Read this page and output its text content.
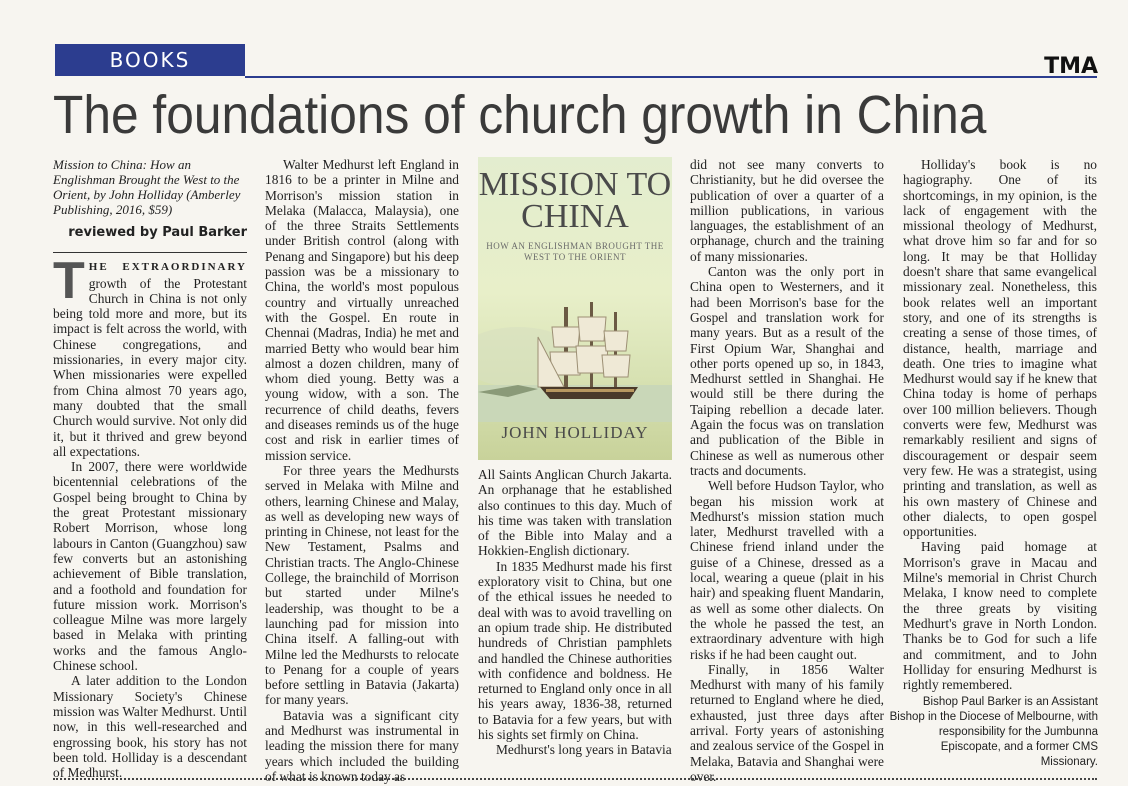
BOOKS	TMA
The foundations of church growth in China

Mission to China: How an Englishman Brought the West to the Orient, by John Holliday (Amberley Publishing, 2016, $59)

reviewed by Paul Barker

THE EXTRAORDINARY growth of the Protestant Church in China is not only being told more and more, but its impact is felt across the world, with Chinese congregations, and missionaries, in every major city. When missionaries were expelled from China almost 70 years ago, many doubted that the small Church would survive. Not only did it, but it thrived and grew beyond all expectations.

In 2007, there were worldwide bicentennial celebrations of the Gospel being brought to China by the great Protestant missionary Robert Morrison, whose long labours in Canton (Guangzhou) saw few converts but an astonishing achievement of Bible translation, and a foothold and foundation for future mission work. Morrison's colleague Milne was more largely based in Melaka with printing works and the famous Anglo-Chinese school.

A later addition to the London Missionary Society's Chinese mission was Walter Medhurst. Until now, in this well-researched and engrossing book, his story has not been told. Holliday is a descendant of Medhurst.

Walter Medhurst left England in 1816 to be a printer in Milne and Morrison's mission station in Melaka (Malacca, Malaysia), one of the three Straits Settlements under British control (along with Penang and Singapore) but his deep passion was be a missionary to China, the world's most populous country and virtually unreached with the Gospel. En route in Chennai (Madras, India) he met and married Betty who would bear him almost a dozen children, many of whom died young. Betty was a young widow, with a son. The recurrence of child deaths, fevers and diseases reminds us of the huge cost and risk in earlier times of mission service.

For three years the Medhursts served in Melaka with Milne and others, learning Chinese and Malay, as well as developing new ways of printing in Chinese, not least for the New Testament, Psalms and Christian tracts. The Anglo-Chinese College, the brainchild of Morrison but started under Milne's leadership, was thought to be a launching pad for mission into China itself. A falling-out with Milne led the Medhursts to relocate to Penang for a couple of years before settling in Batavia (Jakarta) for many years.

Batavia was a significant city and Medhurst was instrumental in leading the mission there for many years which included the building of what is known today as

MISSION TO CHINA
HOW AN ENGLISHMAN BROUGHT THE WEST TO THE ORIENT
JOHN HOLLIDAY

All Saints Anglican Church Jakarta. An orphanage that he established also continues to this day. Much of his time was taken with translation of the Bible into Malay and a Hokkien-English dictionary.

In 1835 Medhurst made his first exploratory visit to China, but one of the ethical issues he needed to deal with was to avoid travelling on an opium trade ship. He distributed hundreds of Christian pamphlets and handled the Chinese authorities with confidence and boldness. He returned to England only once in all his years away, 1836-38, returned to Batavia for a few years, but with his sights set firmly on China.

Medhurst's long years in Batavia

did not see many converts to Christianity, but he did oversee the publication of over a quarter of a million publications, in various languages, the establishment of an orphanage, church and the training of many missionaries.

Canton was the only port in China open to Westerners, and it had been Morrison's base for the Gospel and translation work for many years. But as a result of the First Opium War, Shanghai and other ports opened up so, in 1843, Medhurst settled in Shanghai. He would still be there during the Taiping rebellion a decade later. Again the focus was on translation and publication of the Bible in Chinese as well as numerous other tracts and documents.

Well before Hudson Taylor, who began his mission work at Medhurst's mission station much later, Medhurst travelled with a Chinese friend inland under the guise of a Chinese, dressed as a local, wearing a queue (plait in his hair) and speaking fluent Mandarin, as well as some other dialects. On the whole he passed the test, an extraordinary adventure with high risks if he had been caught out.

Finally, in 1856 Walter Medhurst with many of his family returned to England where he died, exhausted, just three days after arrival. Forty years of astonishing and zealous service of the Gospel in Melaka, Batavia and Shanghai were over.

Holliday's book is no hagiography. One of its shortcomings, in my opinion, is the lack of engagement with the missional theology of Medhurst, what drove him so far and for so long. It may be that Holliday doesn't share that same evangelical missionary zeal. Nonetheless, this book relates well an important story, and one of its strengths is creating a sense of those times, of distance, health, marriage and death. One tries to imagine what Medhurst would say if he knew that China today is home of perhaps over 100 million believers. Though converts were few, Medhurst was remarkably resilient and signs of discouragement or despair seem very few. He was a strategist, using printing and translation, as well as his own mastery of Chinese and other dialects, to open gospel opportunities.

Having paid homage at Morrison's grave in Macau and Milne's memorial in Christ Church Melaka, I know need to complete the three greats by visiting Medhurt's grave in North London. Thanks be to God for such a life and commitment, and to John Holliday for ensuring Medhurst is rightly remembered.

Bishop Paul Barker is an Assistant Bishop in the Diocese of Melbourne, with responsibility for the Jumbunna Episcopate, and a former CMS Missionary.
